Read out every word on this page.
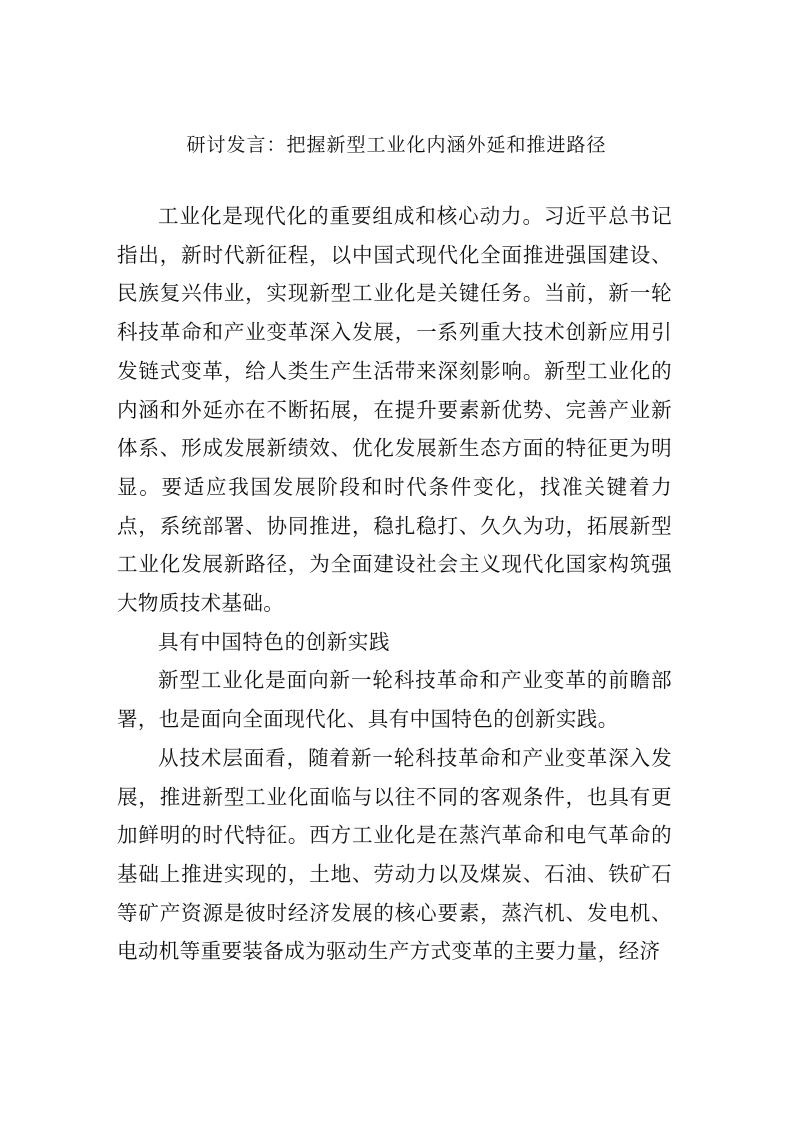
研讨发言：把握新型工业化内涵外延和推进路径

工业化是现代化的重要组成和核心动力。习近平总书记指出，新时代新征程，以中国式现代化全面推进强国建设、民族复兴伟业，实现新型工业化是关键任务。当前，新一轮科技革命和产业变革深入发展，一系列重大技术创新应用引发链式变革，给人类生产生活带来深刻影响。新型工业化的内涵和外延亦在不断拓展，在提升要素新优势、完善产业新体系、形成发展新绩效、优化发展新生态方面的特征更为明显。要适应我国发展阶段和时代条件变化，找准关键着力点，系统部署、协同推进，稳扎稳打、久久为功，拓展新型工业化发展新路径，为全面建设社会主义现代化国家构筑强大物质技术基础。

具有中国特色的创新实践

新型工业化是面向新一轮科技革命和产业变革的前瞻部署，也是面向全面现代化、具有中国特色的创新实践。

从技术层面看，随着新一轮科技革命和产业变革深入发展，推进新型工业化面临与以往不同的客观条件，也具有更加鲜明的时代特征。西方工业化是在蒸汽革命和电气革命的基础上推进实现的，土地、劳动力以及煤炭、石油、铁矿石等矿产资源是彼时经济发展的核心要素，蒸汽机、发电机、电动机等重要装备成为驱动生产方式变革的主要力量，经济
